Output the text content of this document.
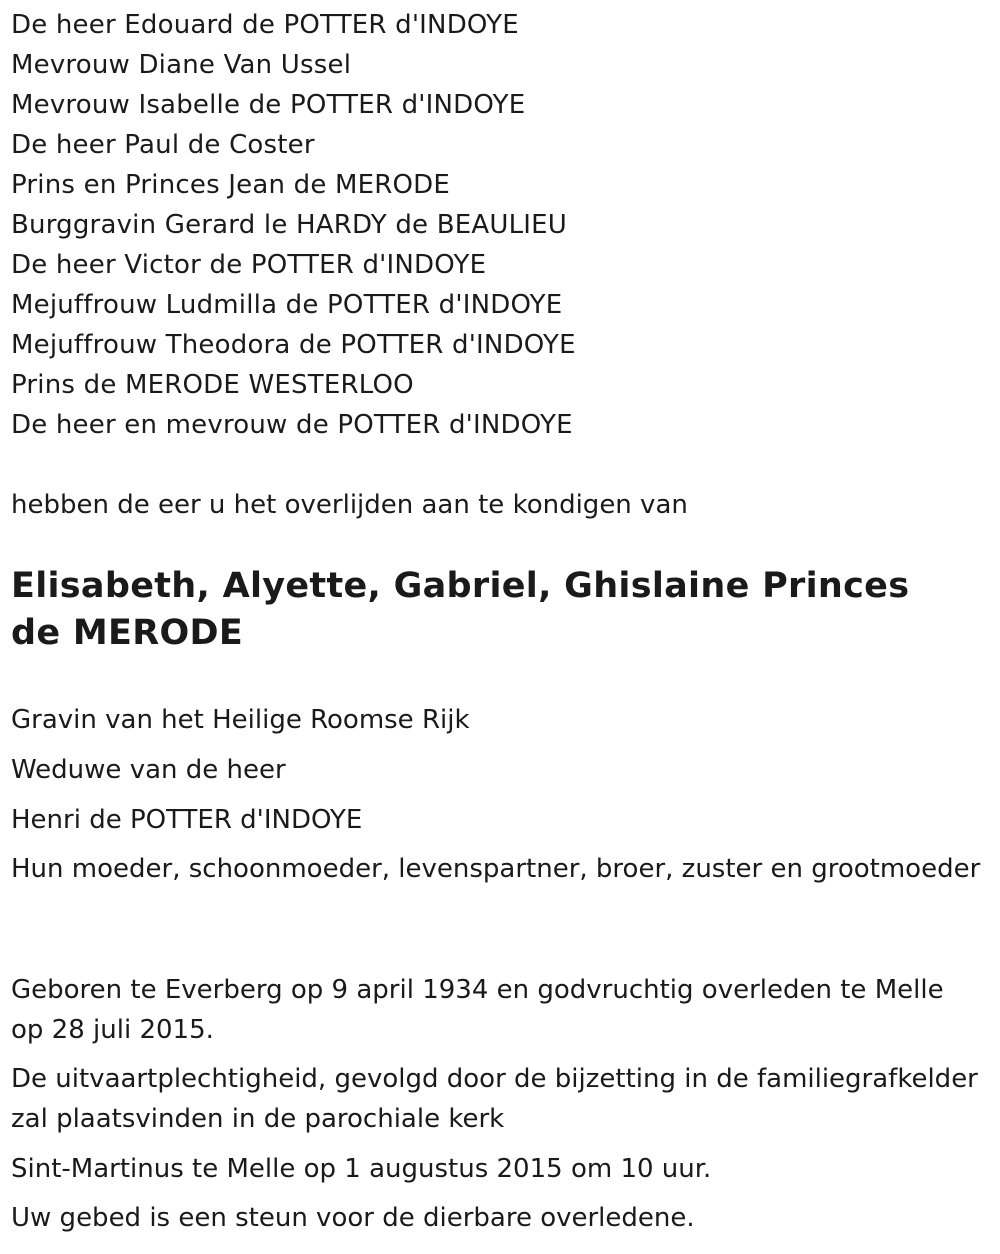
De heer Edouard de POTTER d'INDOYE
Mevrouw Diane Van Ussel
Mevrouw Isabelle de POTTER d'INDOYE
De heer Paul de Coster
Prins en Princes Jean de MERODE
Burggravin Gerard le HARDY de BEAULIEU
De heer Victor de POTTER d'INDOYE
Mejuffrouw Ludmilla de POTTER d'INDOYE
Mejuffrouw Theodora de POTTER d'INDOYE
Prins de MERODE WESTERLOO
De heer en mevrouw de POTTER d'INDOYE
hebben de eer u het overlijden aan te kondigen van
Elisabeth, Alyette, Gabriel, Ghislaine Princes de MERODE

Gravin van het Heilige Roomse Rijk

Weduwe van de heer

Henri de POTTER d'INDOYE

Hun moeder, schoonmoeder, levenspartner, broer, zuster en grootmoeder

Geboren te Everberg op 9 april 1934 en godvruchtig overleden te Melle op 28 juli 2015.

De uitvaartplechtigheid, gevolgd door de bijzetting in de familiegrafkelder zal plaatsvinden in de parochiale kerk

Sint-Martinus te Melle op 1 augustus 2015 om 10 uur.

Uw gebed is een steun voor de dierbare overledene.
